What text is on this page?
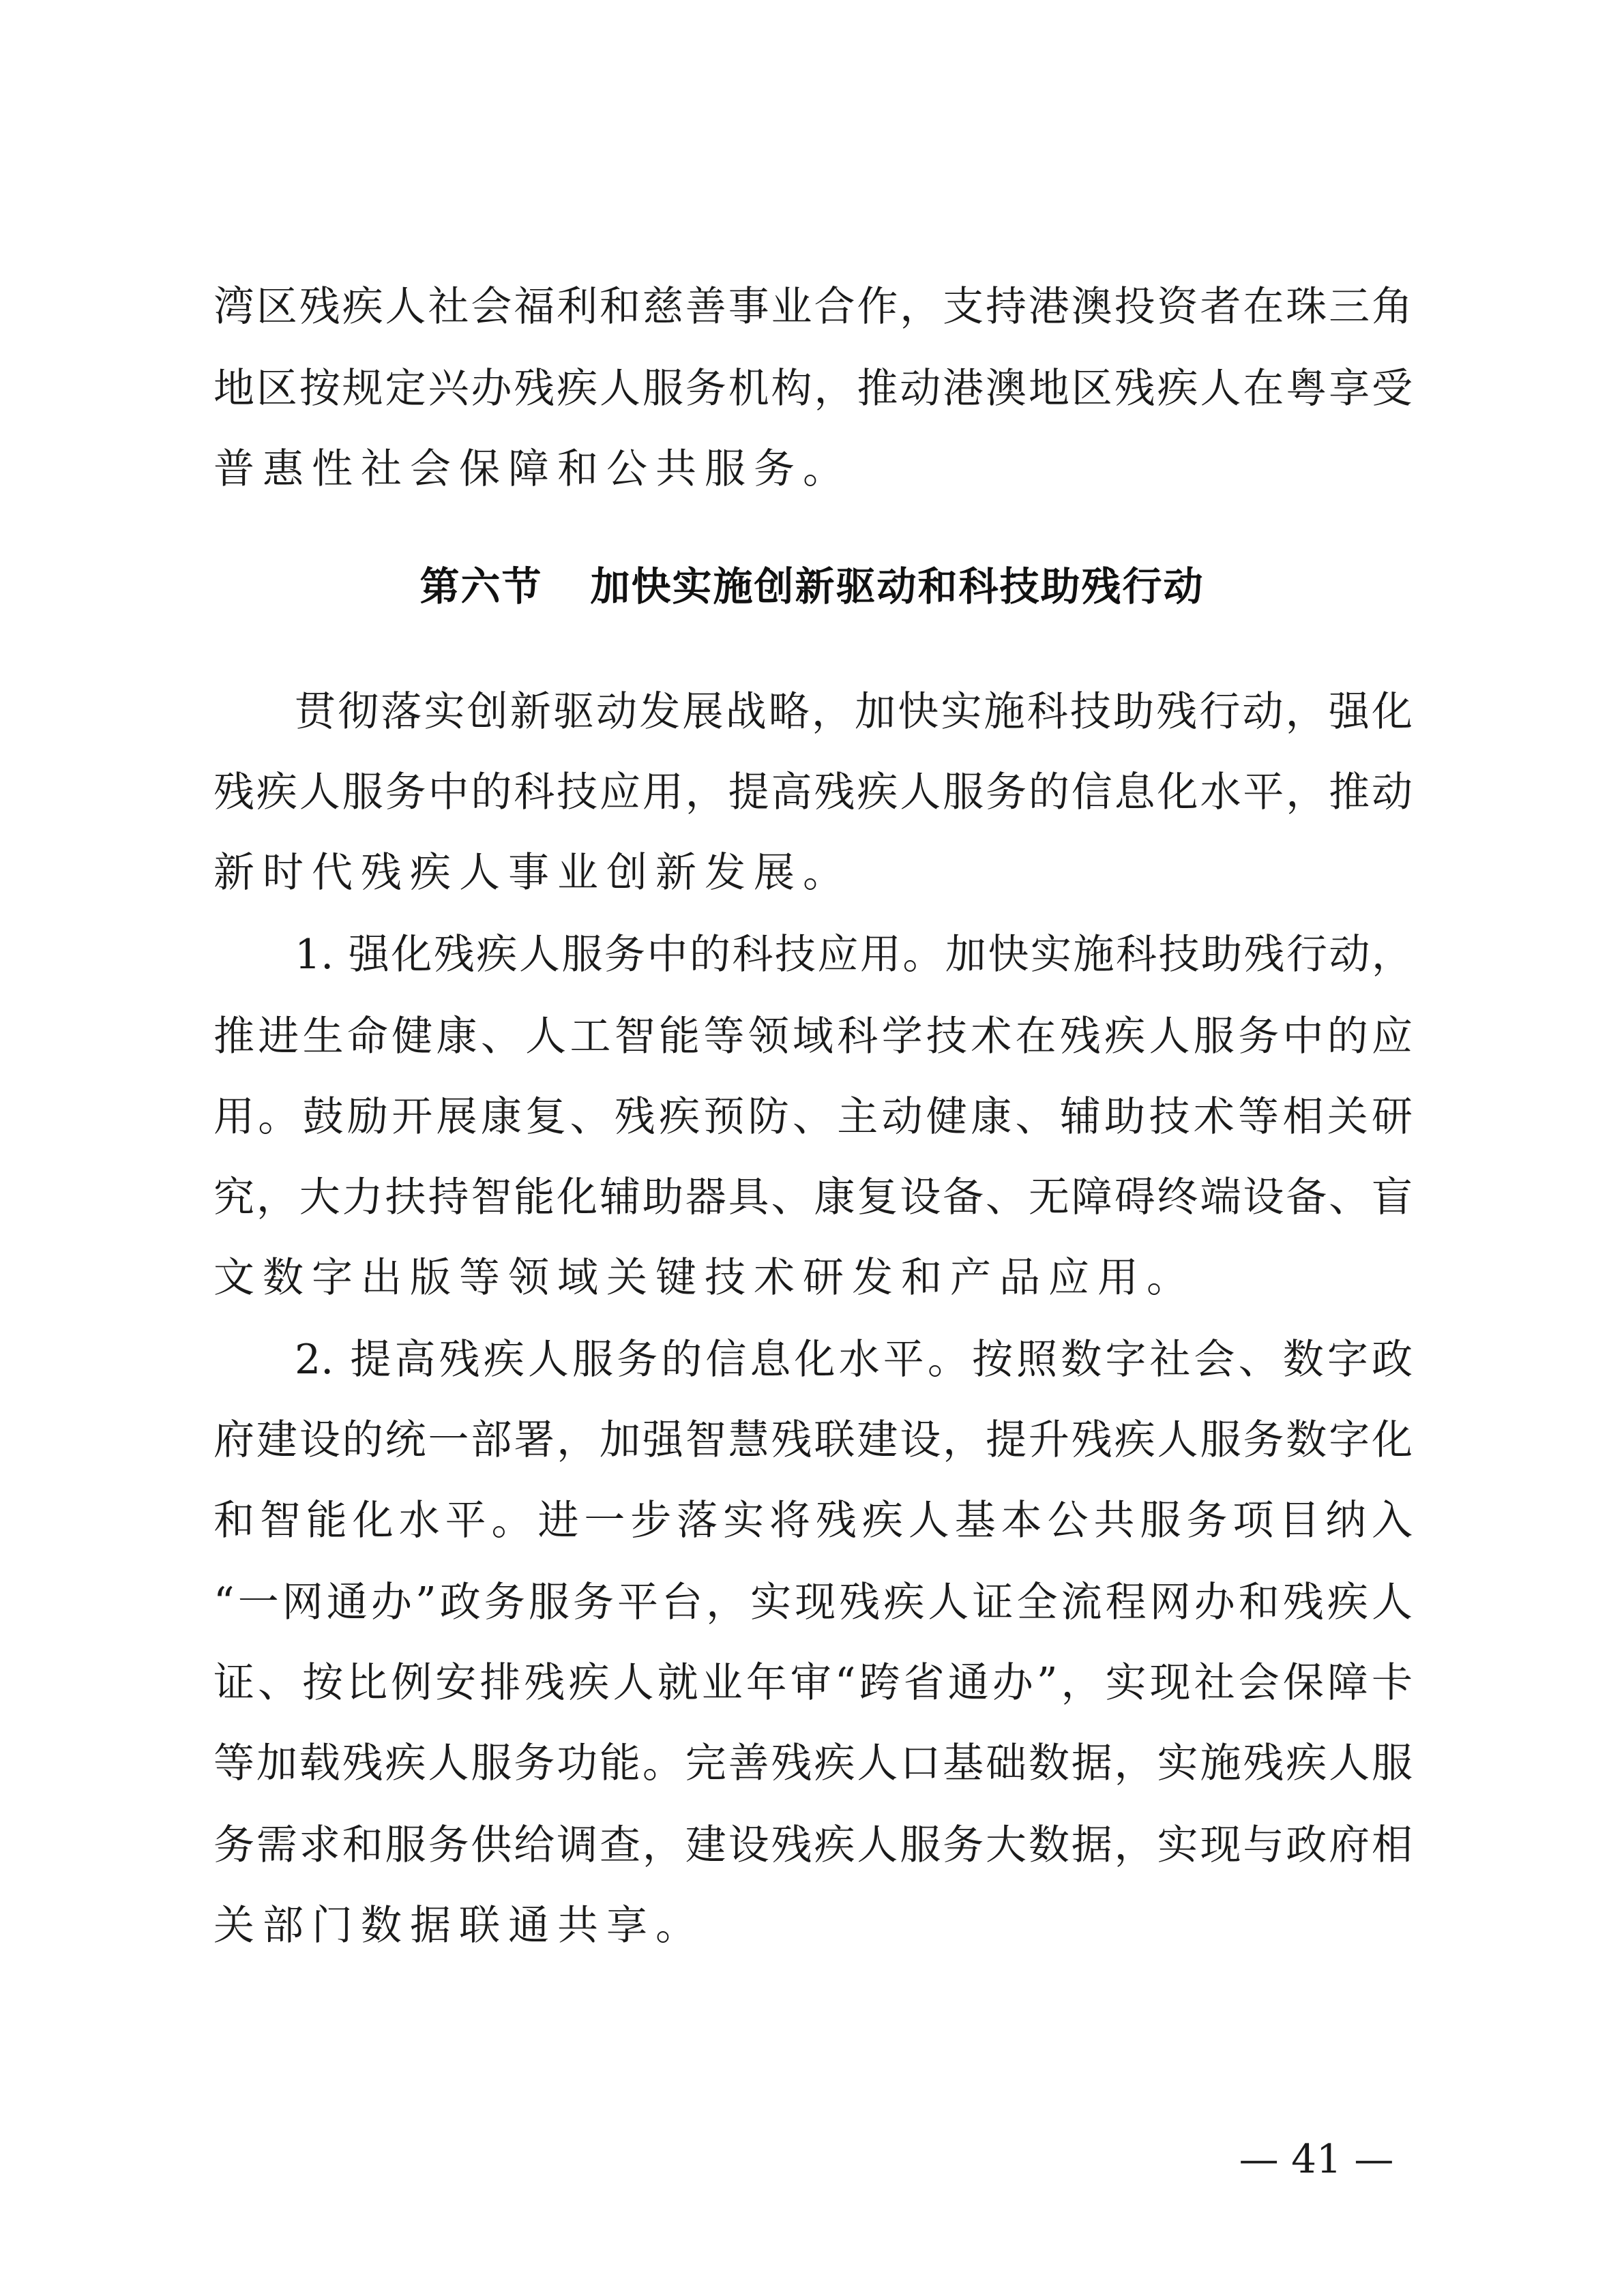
湾区残疾人社会福利和慈善事业合作，支持港澳投资者在珠三角
地区按规定兴办残疾人服务机构，推动港澳地区残疾人在粤享受
普惠性社会保障和公共服务。
第六节 加快实施创新驱动和科技助残行动
贯彻落实创新驱动发展战略，加快实施科技助残行动，强化
残疾人服务中的科技应用，提高残疾人服务的信息化水平，推动
新时代残疾人事业创新发展。
1. 强化残疾人服务中的科技应用。加快实施科技助残行动，
推进生命健康、人工智能等领域科学技术在残疾人服务中的应
用。鼓励开展康复、残疾预防、主动健康、辅助技术等相关研
究，大力扶持智能化辅助器具、康复设备、无障碍终端设备、盲
文数字出版等领域关键技术研发和产品应用。
2. 提高残疾人服务的信息化水平。按照数字社会、数字政
府建设的统一部署，加强智慧残联建设，提升残疾人服务数字化
和智能化水平。进一步落实将残疾人基本公共服务项目纳入
“一网通办”政务服务平台，实现残疾人证全流程网办和残疾人
证、按比例安排残疾人就业年审“跨省通办”，实现社会保障卡
等加载残疾人服务功能。完善残疾人口基础数据，实施残疾人服
务需求和服务供给调查，建设残疾人服务大数据，实现与政府相
关部门数据联通共享。
— 41 —
